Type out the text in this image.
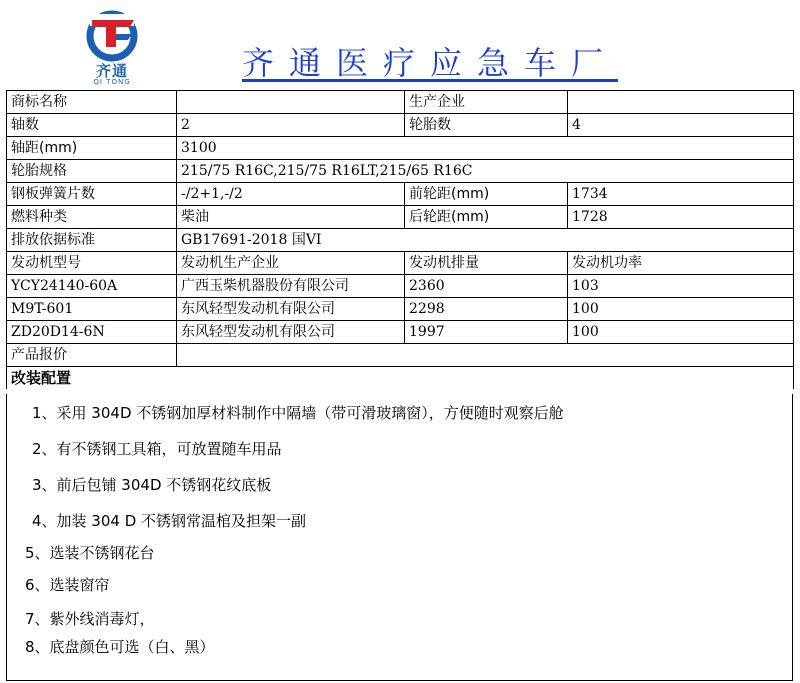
齐通
QI TONG	齐通医疗应急车厂
商标名称		生产企业	
轴数	2	轮胎数	4
轴距(mm)	3100		
轮胎规格	215/75 R16C,215/75 R16LT,215/65 R16C		
钢板弹簧片数	-/2+1,-/2	前轮距(mm)	1734
燃料种类	柴油	后轮距(mm)	1728
排放依据标准	GB17691-2018 国VI		
发动机型号	发动机生产企业	发动机排量	发动机功率
YCY24140-60A	广西玉柴机器股份有限公司	2360	103
M9T-601	东风轻型发动机有限公司	2298	100
ZD20D14-6N	东风轻型发动机有限公司	1997	100
产品报价			
改装配置			
1、采用 304D 不锈钢加厚材料制作中隔墙（带可滑玻璃窗），方便随时观察后舱
2、有不锈钢工具箱，可放置随车用品
3、前后包铺 304D 不锈钢花纹底板
4、加装 304 D 不锈钢常温棺及担架一副
5、选装不锈钢花台
6、选装窗帘
7、紫外线消毒灯，
8、底盘颜色可选（白、黑）
